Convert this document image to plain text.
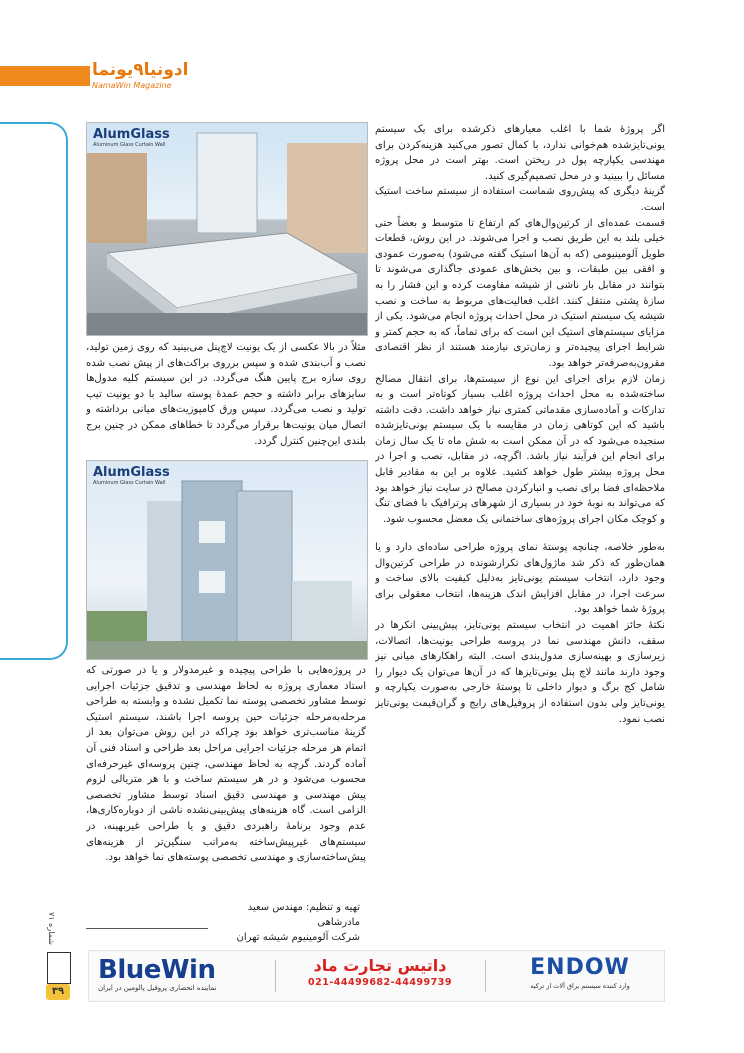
ادونیا۹یونما
NamaWin Magazine

اگر پروژۀ شما با اغلب معیارهای ذکرشده برای یک سیستم یونی‌تایزشده هم‌خوانی ندارد، با کمال تصور می‌کنید هزینه‌کردن برای مهندسی یکپارچه پول در ریختن است. بهتر است در محل پروژه مسائل را ببینید و در محل تصمیم‌گیری کنید.

گزینۀ دیگری که پیش‌روی شماست استفاده از سیستم ساخت استیک است.

قسمت عمده‌ای از کرتین‌وال‌های کم ارتفاع تا متوسط و بعضاً حتی خیلی بلند به این طریق نصب و اجرا می‌شوند. در این روش، قطعات طویل آلومینیومی (که به آن‌ها استیک گفته می‌شود) به‌صورت عمودی و افقی بین طبقات، و بین بخش‌های عمودی جاگذاری می‌شوند تا بتوانند در مقابل بار ناشی از شیشه مقاومت کرده و این فشار را به سازۀ پشتی منتقل کنند. اغلب فعالیت‌های مربوط به ساخت و نصب شیشه یک سیستم استیک در محل احداث پروژه انجام می‌شود. یکی از مزایای سیستم‌های استیک این است که برای تماماً، که به حجم کمتر و شرایط اجرای پیچیده‌تر و زمان‌تری نیازمند هستند از نظر اقتصادی مقرون‌به‌صرفه‌تر خواهد بود.

زمان لازم برای اجرای این نوع از سیستم‌ها، برای انتقال مصالح ساخته‌شده به محل احداث پروژه اغلب بسیار کوتاه‌تر است و به تدارکات و آماده‌سازی مقدماتی کمتری نیاز خواهد داشت. دقت داشته باشید که این کوتاهی زمان در مقایسه با یک سیستم یونی‌تایزشده سنجیده می‌شود که در آن ممکن است به شش ماه تا یک سال زمان برای انجام این فرآیند نیاز باشد. اگرچه، در مقابل، نصب و اجرا در محل پروژه بیشتر طول خواهد کشید. علاوه بر این به مقادیر قابل ملاحظه‌ای فضا برای نصب و انبارکردن مصالح در سایت نیاز خواهد بود که می‌تواند به نوبۀ خود در بسیاری از شهرهای پرترافیک با فضای تنگ و کوچک مکان اجرای پروژه‌های ساختمانی یک معضل محسوب شود.

به‌طور خلاصه، چنانچه پوستۀ نمای پروژه طراحی ساده‌ای دارد و یا همان‌طور که ذکر شد ماژول‌های تکرارشونده در طراحی کرتین‌وال وجود دارد، انتخاب سیستم یونی‌تایز به‌دلیل کیفیت بالای ساخت و سرعت اجرا، در مقابل افزایش اندک هزینه‌ها، انتخاب معقولی برای پروژۀ شما خواهد بود.

نکتۀ حائز اهمیت در انتخاب سیستم یونی‌تایز، پیش‌بینی انکرها در سقف، دانش مهندسی نما در پروسه طراحی یونیت‌ها، اتصالات، زیرسازی و بهینه‌سازی مدول‌بندی است. البته راهکارهای میانی نیز وجود دارند مانند لاچ پنل یونی‌تایزها که در آن‌ها می‌توان یک دیوار را شامل کج برگ و دیوار داخلی تا پوستۀ خارجی به‌صورت یکپارچه و یونی‌تایز ولی بدون استفاده از پروفیل‌های رایج و گران‌قیمت یونی‌تایز نصب نمود.

AlumGlass
Aluminum Glass Curtain Wall

مثلاً در بالا عکسی از یک یونیت لاچ‌پنل می‌بینید که روی زمین تولید، نصب و آب‌بندی شده و سپس برروی براکت‌های از پیش نصب شده روی سازه برج پایین هنگ می‌گردد. در این سیستم کلیه مدول‌ها سایزهای برابر داشته و حجم عمدۀ پوسته سالید با دو یونیت تیپ تولید و نصب می‌گردد. سپس ورق کامپوزیت‌های میانی برداشته و اتصال میان یونیت‌ها برقرار می‌گردد تا خطاهای ممکن در چنین برج بلندی این‌چنین کنترل گردد.

AlumGlass
Aluminum Glass Curtain Wall

در پروژه‌هایی با طراحی پیچیده و غیرمدولار و یا در صورتی که استاد معماری پروژه به لحاظ مهندسی و تدقیق جزئیات اجرایی توسط مشاور تخصصی پوسته نما تکمیل نشده و وابسته به طراحی مرحله‌به‌مرحله جزئیات حین پروسه اجرا باشند، سیستم استیک گزینۀ مناسب‌تری خواهد بود چراکه در این روش می‌توان بعد از اتمام هر مرحله جزئیات اجرایی مراحل بعد طراحی و اسناد فنی آن آماده گردند. گرچه به لحاظ مهندسی، چنین پروسه‌ای غیرحرفه‌ای محسوب می‌شود و در هر سیستم ساخت و با هر متریالی لزوم پیش مهندسی و مهندسی دقیق اسناد توسط مشاور تخصصی الزامی است. گاه هزینه‌های پیش‌بینی‌نشده ناشی از دوباره‌کاری‌ها، عدم وجود برنامۀ راهبردی دقیق و یا طراحی غیربهینه، در سیستم‌های غیرپیش‌ساخته به‌مراتب سنگین‌تر از هزینه‌های پیش‌ساخته‌سازی و مهندسی تخصصی پوسته‌های نما خواهد بود.

تهیه و تنظیم: مهندس سعید مادرشاهی
شرکت آلومینیوم شیشه تهران
شماره ۷۱
۳۹
BlueWin
نماینده انحصاری پروفیل پالومین در ایران
داتیس تجارت ماد
021-44499682-44499739
ENDOW
وارد کننده سیستم یراق آلات از ترکیه
